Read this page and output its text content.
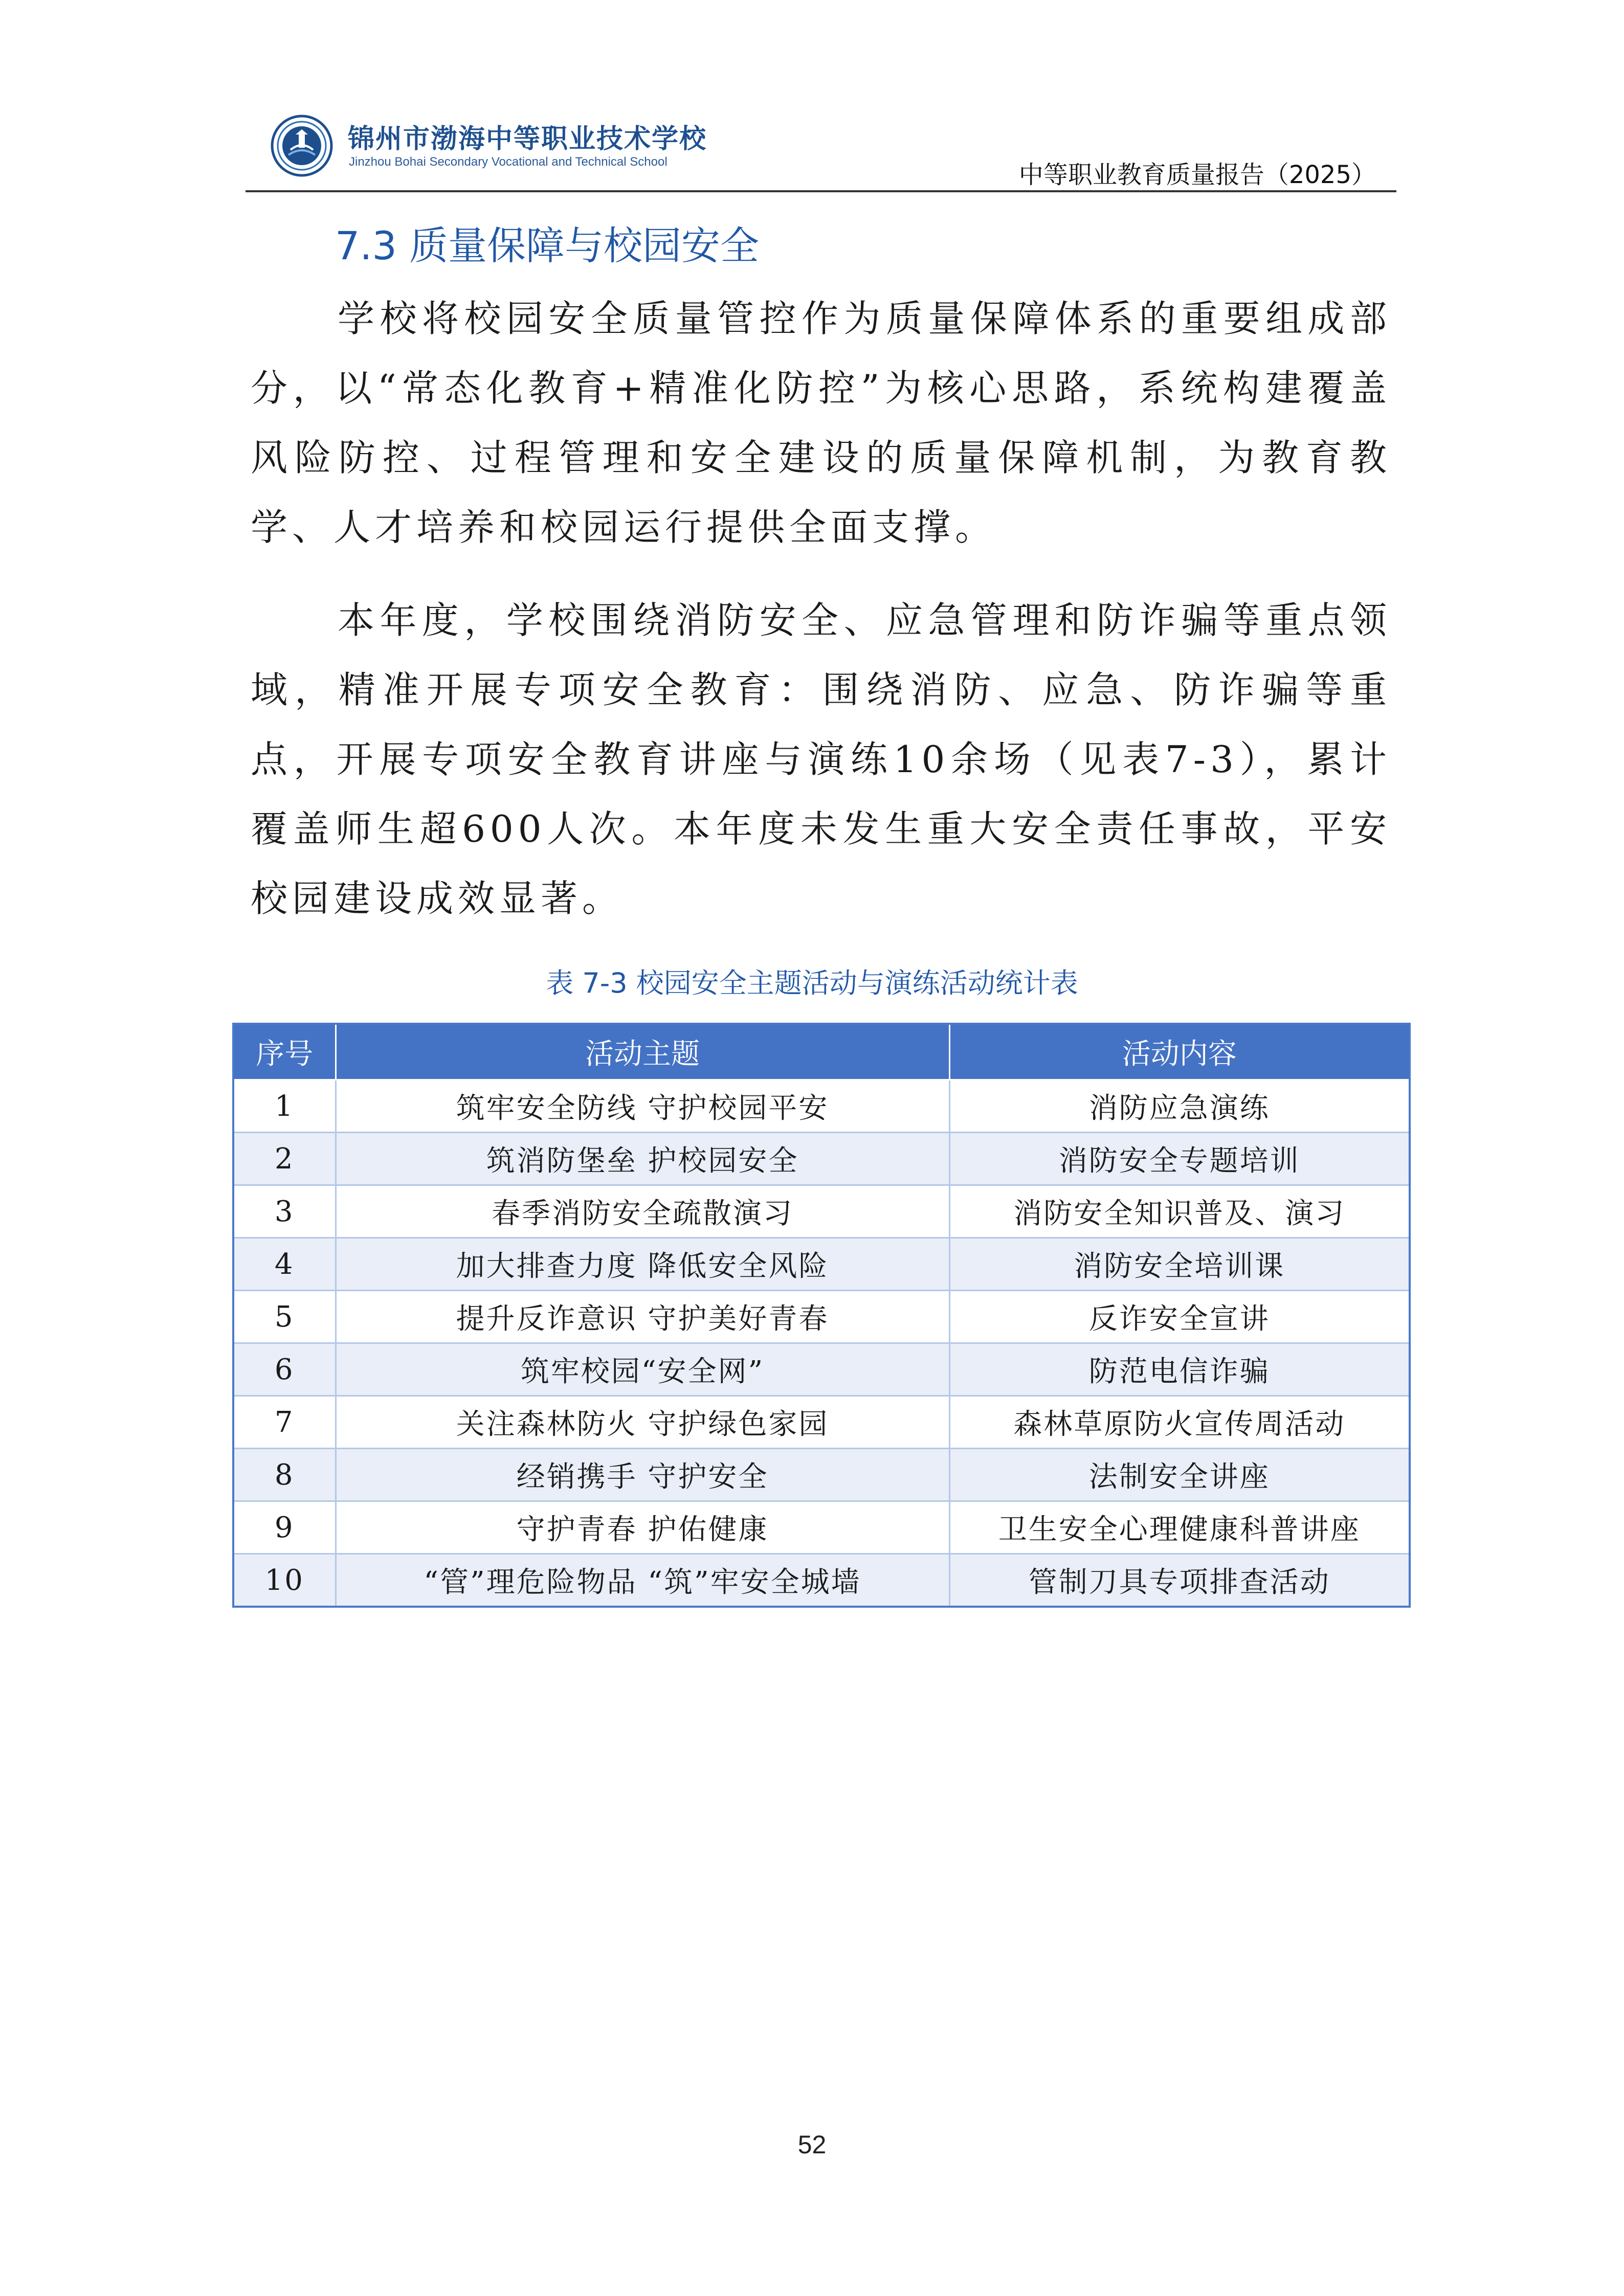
锦州市渤海中等职业技术学校
Jinzhou Bohai Secondary Vocational and Technical School	中等职业教育质量报告（2025）
7.3 质量保障与校园安全

学校将校园安全质量管控作为质量保障体系的重要组成部分，以“常态化教育+精准化防控”为核心思路，系统构建覆盖风险防控、过程管理和安全建设的质量保障机制，为教育教学、人才培养和校园运行提供全面支撑。

本年度，学校围绕消防安全、应急管理和防诈骗等重点领域，精准开展专项安全教育：围绕消防、应急、防诈骗等重点，开展专项安全教育讲座与演练10余场（见表7-3），累计覆盖师生超600人次。本年度未发生重大安全责任事故，平安校园建设成效显著。

表 7-3 校园安全主题活动与演练活动统计表
序号	活动主题	活动内容
1	筑牢安全防线 守护校园平安	消防应急演练
2	筑消防堡垒 护校园安全	消防安全专题培训
3	春季消防安全疏散演习	消防安全知识普及、演习
4	加大排查力度 降低安全风险	消防安全培训课
5	提升反诈意识 守护美好青春	反诈安全宣讲
6	筑牢校园“安全网”	防范电信诈骗
7	关注森林防火 守护绿色家园	森林草原防火宣传周活动
8	经销携手 守护安全	法制安全讲座
9	守护青春 护佑健康	卫生安全心理健康科普讲座
10	“管”理危险物品 “筑”牢安全城墙	管制刀具专项排查活动
52
